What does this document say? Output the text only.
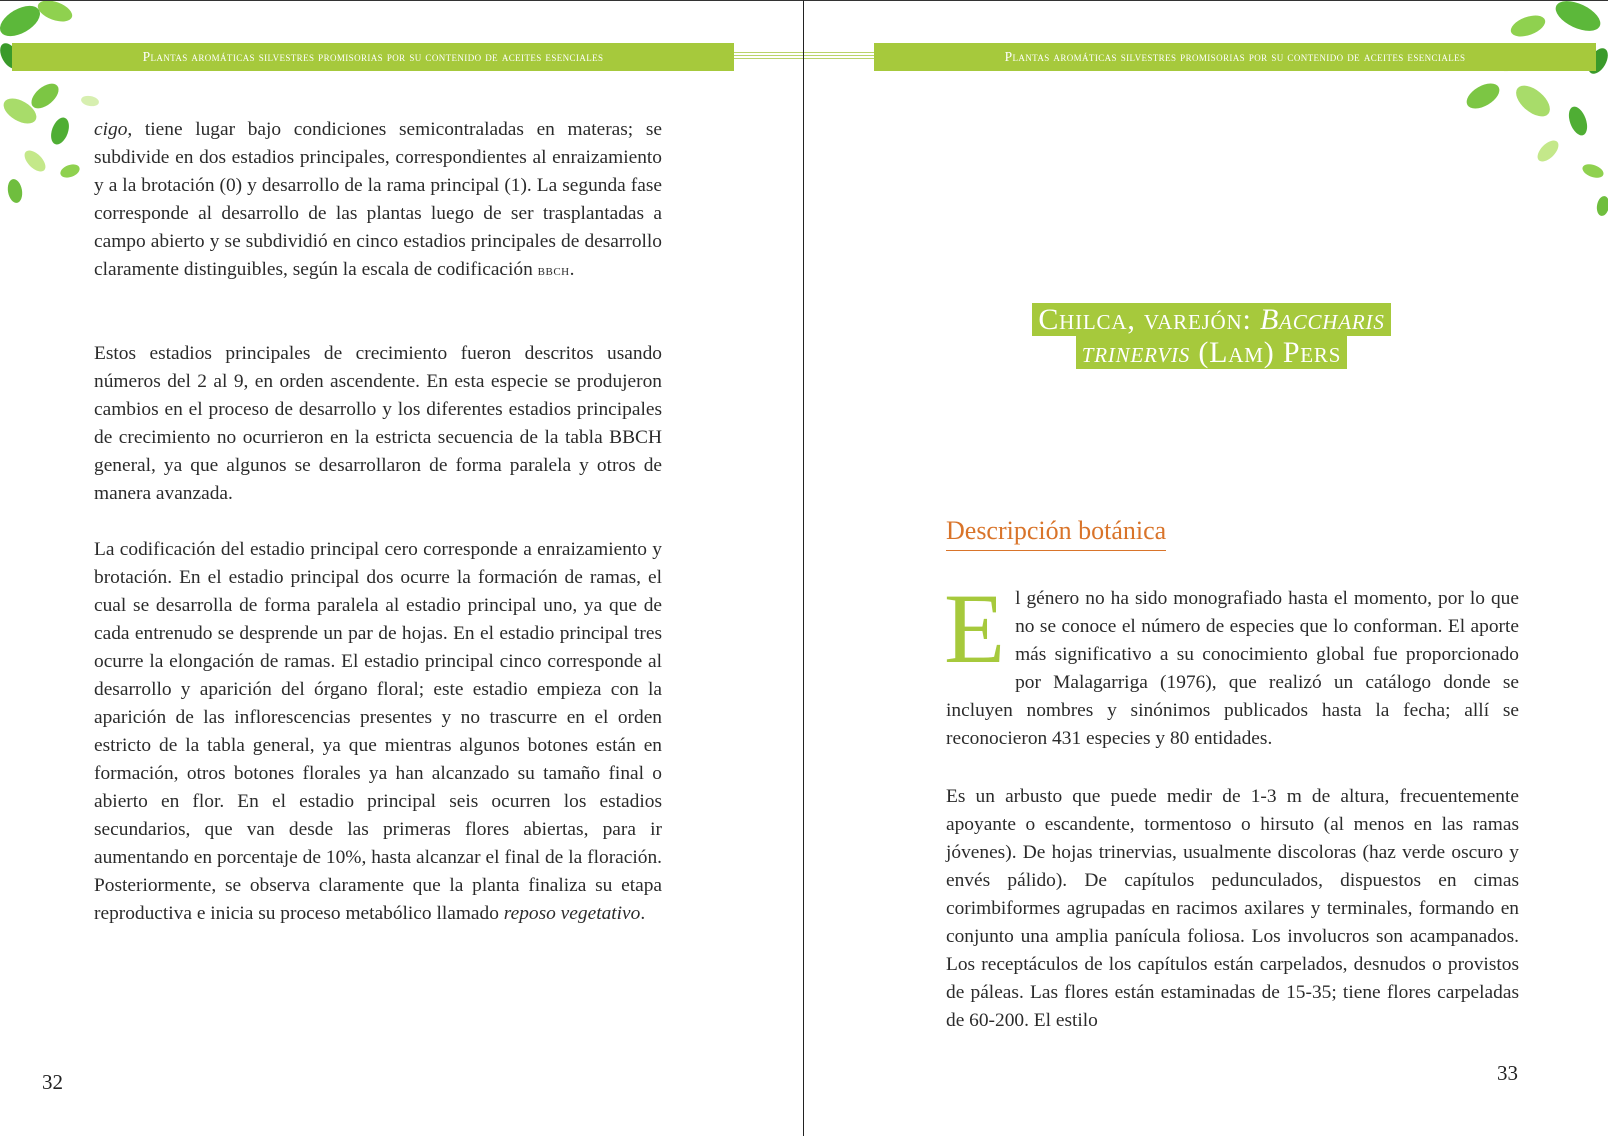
Plantas aromáticas silvestres promisorias por su contenido de aceites esenciales

cigo, tiene lugar bajo condiciones semicontraladas en materas; se subdivide en dos estadios principales, correspondientes al enraizamiento y a la brotación (0) y desarrollo de la rama principal (1). La segunda fase corresponde al desarrollo de las plantas luego de ser trasplantadas a campo abierto y se subdividió en cinco estadios principales de desarrollo claramente distinguibles, según la escala de codificación bbch.

Estos estadios principales de crecimiento fueron descritos usando números del 2 al 9, en orden ascendente. En esta especie se produjeron cambios en el proceso de desarrollo y los diferentes estadios principales de crecimiento no ocurrieron en la estricta secuencia de la tabla BBCH general, ya que algunos se desarrollaron de forma paralela y otros de manera avanzada.

La codificación del estadio principal cero corresponde a enraizamiento y brotación. En el estadio principal dos ocurre la formación de ramas, el cual se desarrolla de forma paralela al estadio principal uno, ya que de cada entrenudo se desprende un par de hojas. En el estadio principal tres ocurre la elongación de ramas. El estadio principal cinco corresponde al desarrollo y aparición del órgano floral; este estadio empieza con la aparición de las inflorescencias presentes y no trascurre en el orden estricto de la tabla general, ya que mientras algunos botones están en formación, otros botones florales ya han alcanzado su tamaño final o abierto en flor. En el estadio principal seis ocurren los estadios secundarios, que van desde las primeras flores abiertas, para ir aumentando en porcentaje de 10%, hasta alcanzar el final de la floración. Posteriormente, se observa claramente que la planta finaliza su etapa reproductiva e inicia su proceso metabólico llamado reposo vegetativo.

32
Plantas aromáticas silvestres promisorias por su contenido de aceites esenciales
Chilca, varejón: Baccharis
trinervis (Lam) Pers
Descripción botánica

El género no ha sido monografiado hasta el momento, por lo que no se conoce el número de especies que lo conforman. El aporte más significativo a su conocimiento global fue proporcionado por Malagarriga (1976), que realizó un catálogo donde se incluyen nombres y sinónimos publicados hasta la fecha; allí se reconocieron 431 especies y 80 entidades.

Es un arbusto que puede medir de 1-3 m de altura, frecuentemente apoyante o escandente, tormentoso o hirsuto (al menos en las ramas jóvenes). De hojas trinervias, usualmente discoloras (haz verde oscuro y envés pálido). De capítulos pedunculados, dispuestos en cimas corimbiformes agrupadas en racimos axilares y terminales, formando en conjunto una amplia panícula foliosa. Los involucros son acampanados. Los receptáculos de los capítulos están carpelados, desnudos o provistos de páleas. Las flores están estaminadas de 15-35; tiene flores carpeladas de 60-200. El estilo

33
